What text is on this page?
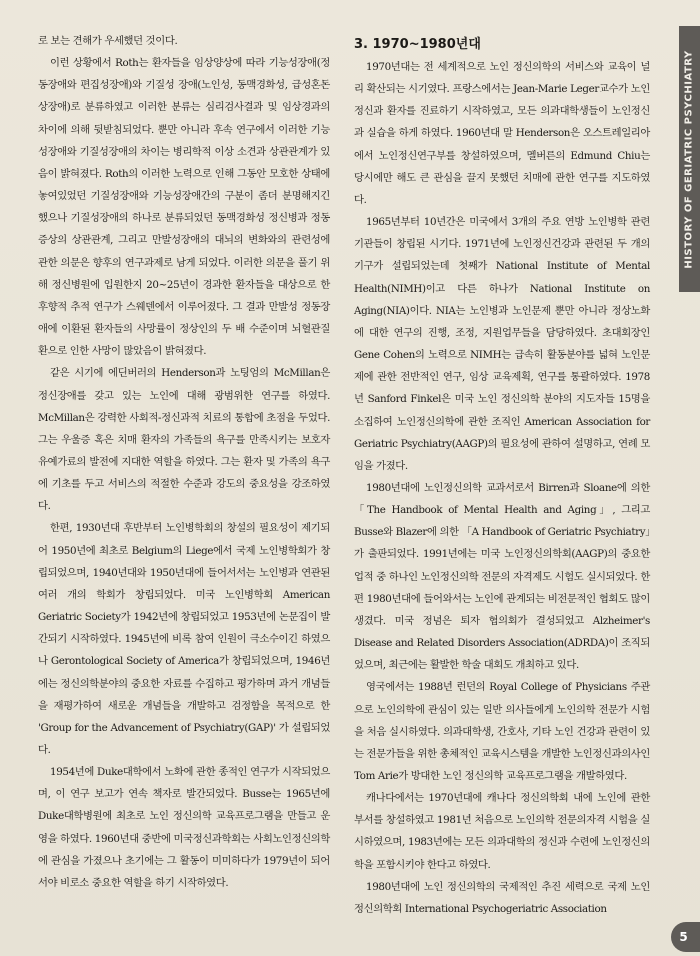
로 보는 견해가 우세했던 것이다.

이런 상황에서 Roth는 환자들을 임상양상에 따라 기능성장애(정동장애와 편집성장애)와 기질성 장애(노인성, 동맥경화성, 급성혼돈상장애)로 분류하였고 이러한 분류는 심리검사결과 및 임상경과의 차이에 의해 뒷받침되었다. 뿐만 아니라 후속 연구에서 이러한 기능성장애와 기질성장애의 차이는 병리학적 이상 소견과 상관관계가 있음이 밝혀졌다. Roth의 이러한 노력으로 인해 그동안 모호한 상태에 놓여있었던 기질성장애와 기능성장애간의 구분이 좀더 분명해지긴 했으나 기질성장애의 하나로 분류되었던 동맥경화성 정신병과 정동증상의 상관관계, 그리고 만발성장애의 대뇌의 변화와의 관련성에 관한 의문은 향후의 연구과제로 남게 되었다. 이러한 의문을 풀기 위해 정신병원에 입원한지 20~25년이 경과한 환자들을 대상으로 한 후향적 추적 연구가 스웨덴에서 이루어졌다. 그 결과 만발성 정동장애에 이환된 환자들의 사망률이 정상인의 두 배 수준이며 뇌혈관질환으로 인한 사망이 많았음이 밝혀졌다.

같은 시기에 에딘버러의 Henderson과 노팅엄의 McMillan은 정신장애를 갖고 있는 노인에 대해 광범위한 연구를 하였다. McMillan은 강력한 사회적-정신과적 치료의 통합에 초점을 두었다. 그는 우울증 혹은 치매 환자의 가족들의 욕구를 만족시키는 보호자 유예가료의 발전에 지대한 역할을 하였다. 그는 환자 및 가족의 욕구에 기초를 두고 서비스의 적절한 수준과 강도의 중요성을 강조하였다.

한편, 1930년대 후반부터 노인병학회의 창설의 필요성이 제기되어 1950년에 최초로 Belgium의 Liege에서 국제 노인병학회가 창립되었으며, 1940년대와 1950년대에 들어서서는 노인병과 연관된 여러 개의 학회가 창립되었다. 미국 노인병학회 American Geriatric Society가 1942년에 창립되었고 1953년에 논문집이 발간되기 시작하였다. 1945년에 비록 참여 인원이 극소수이긴 하였으나 Gerontological Society of America가 창립되었으며, 1946년에는 정신의학분야의 중요한 자료를 수집하고 평가하며 과거 개념들을 재평가하여 새로운 개념들을 개발하고 검정함을 목적으로 한 'Group for the Advancement of Psychiatry(GAP)' 가 설립되었다.

1954년에 Duke대학에서 노화에 관한 종적인 연구가 시작되었으며, 이 연구 보고가 연속 책자로 발간되었다. Busse는 1965년에 Duke대학병원에 최초로 노인 정신의학 교육프로그램을 만들고 운영을 하였다. 1960년대 중반에 미국정신과학회는 사회노인정신의학에 관심을 가졌으나 초기에는 그 활동이 미미하다가 1979년이 되어서야 비로소 중요한 역할을 하기 시작하였다.

3. 1970~1980년대

1970년대는 전 세계적으로 노인 정신의학의 서비스와 교육이 널리 확산되는 시기였다. 프랑스에서는 Jean-Marie Leger교수가 노인정신과 환자를 진료하기 시작하였고, 모든 의과대학생들이 노인정신과 실습을 하게 하였다. 1960년대 말 Henderson은 오스트레일리아에서 노인정신연구부를 창설하였으며, 멜버른의 Edmund Chiu는 당시에만 해도 큰 관심을 끌지 못했던 치매에 관한 연구를 지도하였다.

1965년부터 10년간은 미국에서 3개의 주요 연방 노인병학 관련 기관들이 창립된 시기다. 1971년에 노인정신건강과 관련된 두 개의 기구가 설립되었는데 첫째가 National Institute of Mental Health(NIMH)이고 다른 하나가 National Institute on Aging(NIA)이다. NIA는 노인병과 노인문제 뿐만 아니라 정상노화에 대한 연구의 진행, 조정, 지원업무들을 담당하였다. 초대회장인 Gene Cohen의 노력으로 NIMH는 급속히 활동분야를 넓혀 노인문제에 관한 전반적인 연구, 임상 교육제획, 연구를 통괄하였다. 1978년 Sanford Finkel은 미국 노인 정신의학 분야의 지도자들 15명을 소집하여 노인정신의학에 관한 조직인 American Association for Geriatric Psychiatry(AAGP)의 필요성에 관하여 설명하고, 연례 모임을 가졌다.

1980년대에 노인정신의학 교과서로서 Birren과 Sloane에 의한 「The Handbook of Mental Health and Aging」, 그리고 Busse와 Blazer에 의한 「A Handbook of Geriatric Psychiatry」가 출판되었다. 1991년에는 미국 노인정신의학회(AAGP)의 중요한 업적 중 하나인 노인정신의학 전문의 자격제도 시험도 실시되었다. 한편 1980년대에 들어와서는 노인에 관계되는 비전문적인 협회도 많이 생겼다. 미국 정념은 퇴자 협의회가 결성되었고 Alzheimer's Disease and Related Disorders Association(ADRDA)이 조직되었으며, 최근에는 활발한 학술 대회도 개최하고 있다.

영국에서는 1988년 런던의 Royal College of Physicians 주관으로 노인의학에 관심이 있는 일반 의사들에게 노인의학 전문가 시험을 처음 실시하였다. 의과대학생, 간호사, 기타 노인 건강과 관련이 있는 전문가들을 위한 총체적인 교육시스템을 개발한 노인정신과의사인 Tom Arie가 방대한 노인 정신의학 교육프로그램을 개발하였다.

캐나다에서는 1970년대에 캐나다 정신의학회 내에 노인에 관한 부서를 창설하였고 1981년 처음으로 노인의학 전문의자격 시험을 실시하였으며, 1983년에는 모든 의과대학의 정신과 수련에 노인정신의학을 포함시키야 한다고 하였다.

1980년대에 노인 정신의학의 국제적인 추진 세력으로 국제 노인정신의학회 International Psychogeriatric Association

HISTORY OF GERIATRIC PSYCHIATRY
5
